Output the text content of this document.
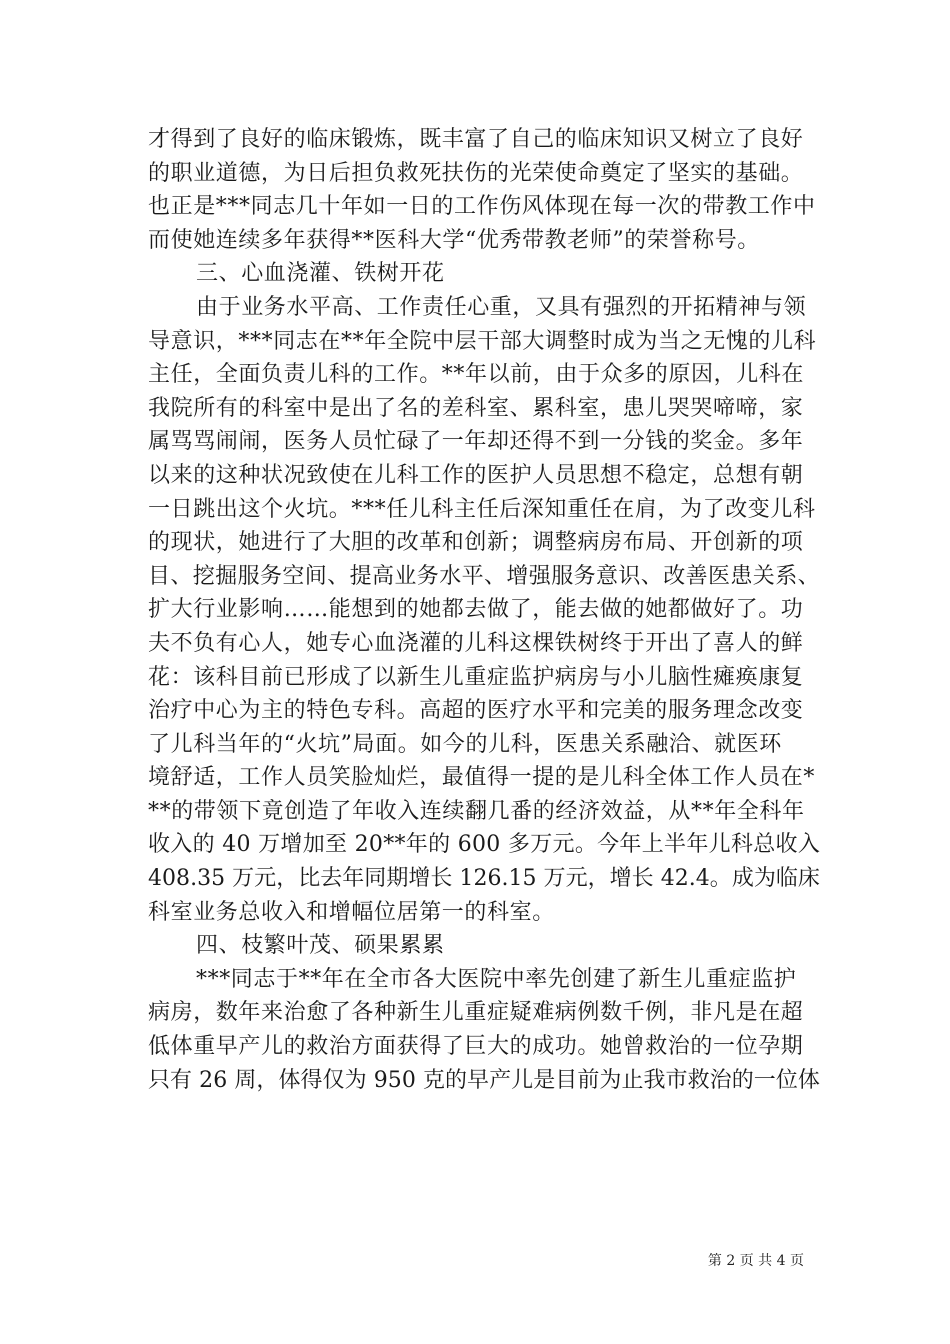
才得到了良好的临床锻炼，既丰富了自己的临床知识又树立了良好
的职业道德，为日后担负救死扶伤的光荣使命奠定了坚实的基础。
也正是***同志几十年如一日的工作伤风体现在每一次的带教工作中
而使她连续多年获得**医科大学“优秀带教老师”的荣誉称号。
三、心血浇灌、铁树开花
由于业务水平高、工作责任心重，又具有强烈的开拓精神与领
导意识，***同志在**年全院中层干部大调整时成为当之无愧的儿科
主任，全面负责儿科的工作。**年以前，由于众多的原因，儿科在
我院所有的科室中是出了名的差科室、累科室，患儿哭哭啼啼，家
属骂骂闹闹，医务人员忙碌了一年却还得不到一分钱的奖金。多年
以来的这种状况致使在儿科工作的医护人员思想不稳定，总想有朝
一日跳出这个火坑。***任儿科主任后深知重任在肩，为了改变儿科
的现状，她进行了大胆的改革和创新；调整病房布局、开创新的项
目、挖掘服务空间、提高业务水平、增强服务意识、改善医患关系、
扩大行业影响……能想到的她都去做了，能去做的她都做好了。功
夫不负有心人，她专心血浇灌的儿科这棵铁树终于开出了喜人的鲜
花：该科目前已形成了以新生儿重症监护病房与小儿脑性瘫痪康复
治疗中心为主的特色专科。高超的医疗水平和完美的服务理念改变
了儿科当年的“火坑”局面。如今的儿科，医患关系融洽、就医环
境舒适，工作人员笑脸灿烂，最值得一提的是儿科全体工作人员在*
**的带领下竟创造了年收入连续翻几番的经济效益，从**年全科年
收入的 40 万增加至 20**年的 600 多万元。今年上半年儿科总收入
408.35 万元，比去年同期增长 126.15 万元，增长 42.4。成为临床
科室业务总收入和增幅位居第一的科室。
四、枝繁叶茂、硕果累累
***同志于**年在全市各大医院中率先创建了新生儿重症监护
病房，数年来治愈了各种新生儿重症疑难病例数千例，非凡是在超
低体重早产儿的救治方面获得了巨大的成功。她曾救治的一位孕期
只有 26 周，体得仅为 950 克的早产儿是目前为止我市救治的一位体
第 2 页 共 4 页
